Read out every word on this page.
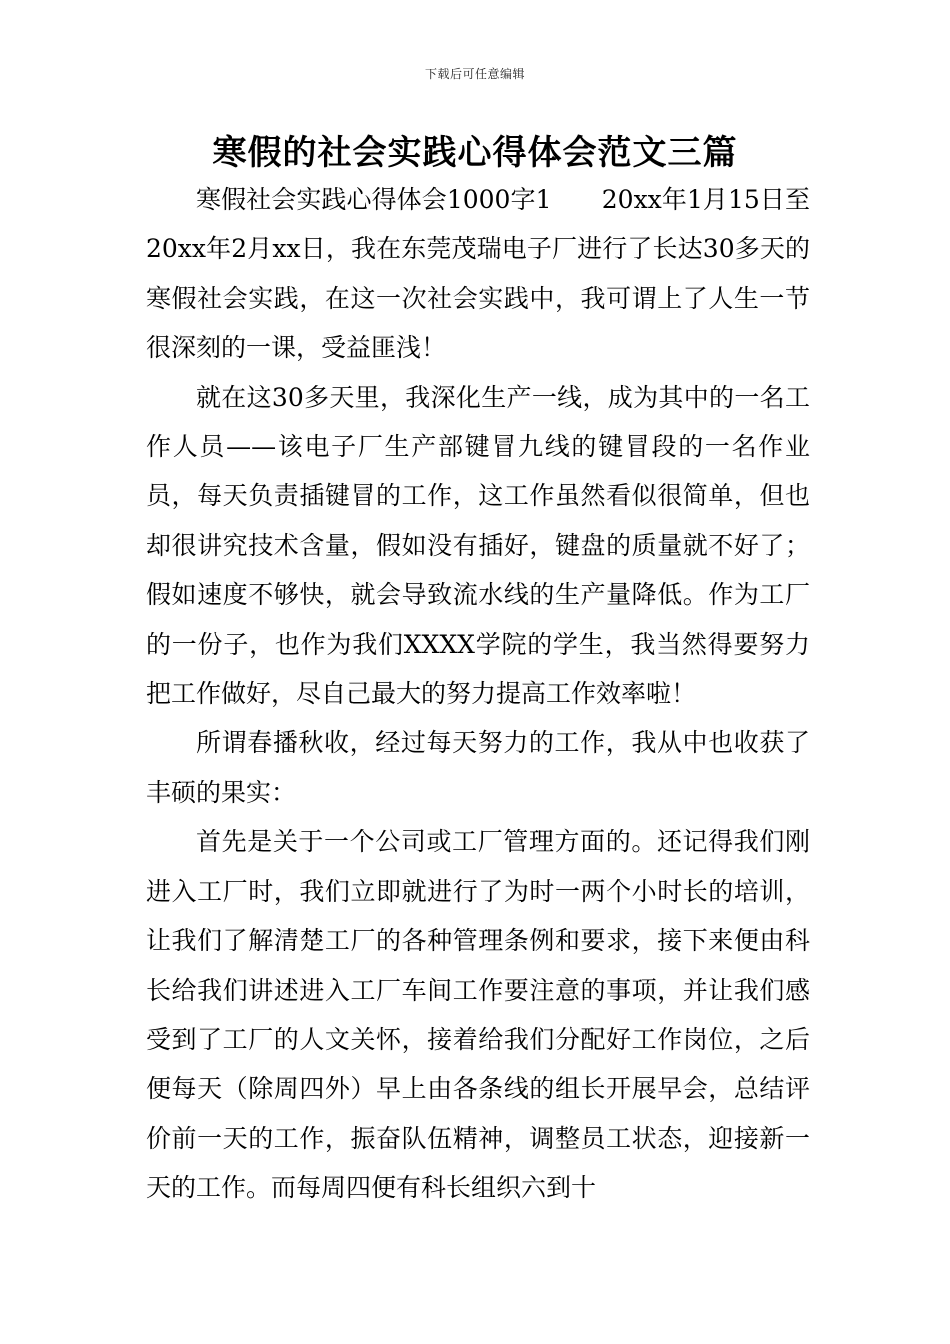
下载后可任意编辑
寒假的社会实践心得体会范文三篇

寒假社会实践心得体会1000字1　　20xx年1月15日至20xx年2月xx日，我在东莞茂瑞电子厂进行了长达30多天的寒假社会实践，在这一次社会实践中，我可谓上了人生一节很深刻的一课，受益匪浅！

就在这30多天里，我深化生产一线，成为其中的一名工作人员——该电子厂生产部键冒九线的键冒段的一名作业员，每天负责插键冒的工作，这工作虽然看似很简单，但也却很讲究技术含量，假如没有插好，键盘的质量就不好了；假如速度不够快，就会导致流水线的生产量降低。作为工厂的一份子，也作为我们XXXX学院的学生，我当然得要努力把工作做好，尽自己最大的努力提高工作效率啦！

所谓春播秋收，经过每天努力的工作，我从中也收获了丰硕的果实：

首先是关于一个公司或工厂管理方面的。还记得我们刚进入工厂时，我们立即就进行了为时一两个小时长的培训，让我们了解清楚工厂的各种管理条例和要求，接下来便由科长给我们讲述进入工厂车间工作要注意的事项，并让我们感受到了工厂的人文关怀，接着给我们分配好工作岗位，之后便每天（除周四外）早上由各条线的组长开展早会，总结评价前一天的工作，振奋队伍精神，调整员工状态，迎接新一天的工作。而每周四便有科长组织六到十
